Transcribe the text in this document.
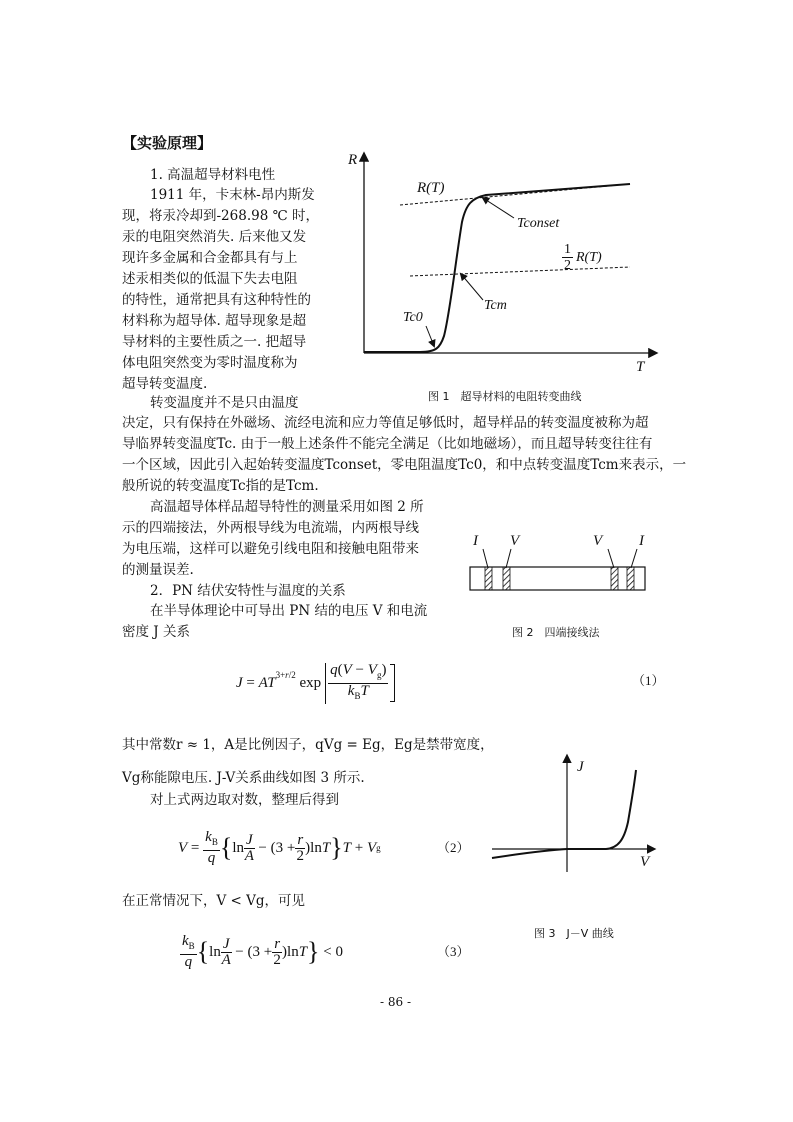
【实验原理】
1. 高温超导材料电性
1911 年，卡末林-昂内斯发
现，将汞冷却到-268.98 ℃ 时，
汞的电阻突然消失. 后来他又发
现许多金属和合金都具有与上
述汞相类似的低温下失去电阻
的特性，通常把具有这种特性的
材料称为超导体. 超导现象是超
导材料的主要性质之一. 把超导
体电阻突然变为零时温度称为
超导转变温度.
转变温度并不是只由温度
决定，只有保持在外磁场、流经电流和应力等值足够低时，超导样品的转变温度被称为超
导临界转变温度Tc. 由于一般上述条件不能完全满足（比如地磁场），而且超导转变往往有
一个区域，因此引入起始转变温度Tconset，零电阻温度Tc0，和中点转变温度Tcm来表示，一
般所说的转变温度Tc指的是Tcm.
高温超导体样品超导特性的测量采用如图 2 所
示的四端接法，外两根导线为电流端，内两根导线
为电压端，这样可以避免引线电阻和接触电阻带来
的测量误差.
2．PN 结伏安特性与温度的关系
在半导体理论中可导出 PN 结的电压 V 和电流
密度 J 关系
R
T
R(T)
Tconset
$\frac{1}{2} R(T)$
Tcm
Tc0
图 1　超导材料的电阻转变曲线
I V	V I
图 2　四端接线法
$J = AT^{3+r/2}$ $\exp \frac{q(V - V_g)}{k_BT}$	（1）
其中常数r ≈ 1，A是比例因子，qVg = Eg，Eg是禁带宽度，
Vg称能隙电压. J-V关系曲线如图 3 所示.
对上式两边取对数，整理后得到
$V = \frac{k_B}{q}$ { $\ln \frac{J}{A} - (3 + \frac{r}{2} )\ln$ T } T + V g	（2）
J
V
图 3　J－V 曲线
在正常情况下，V < Vg，可见
$\frac{k_B}{q}$ { $\ln \frac{J}{A} - (3 + \frac{r}{2} )\ln$ T } < 0	（3）
- 86 -
